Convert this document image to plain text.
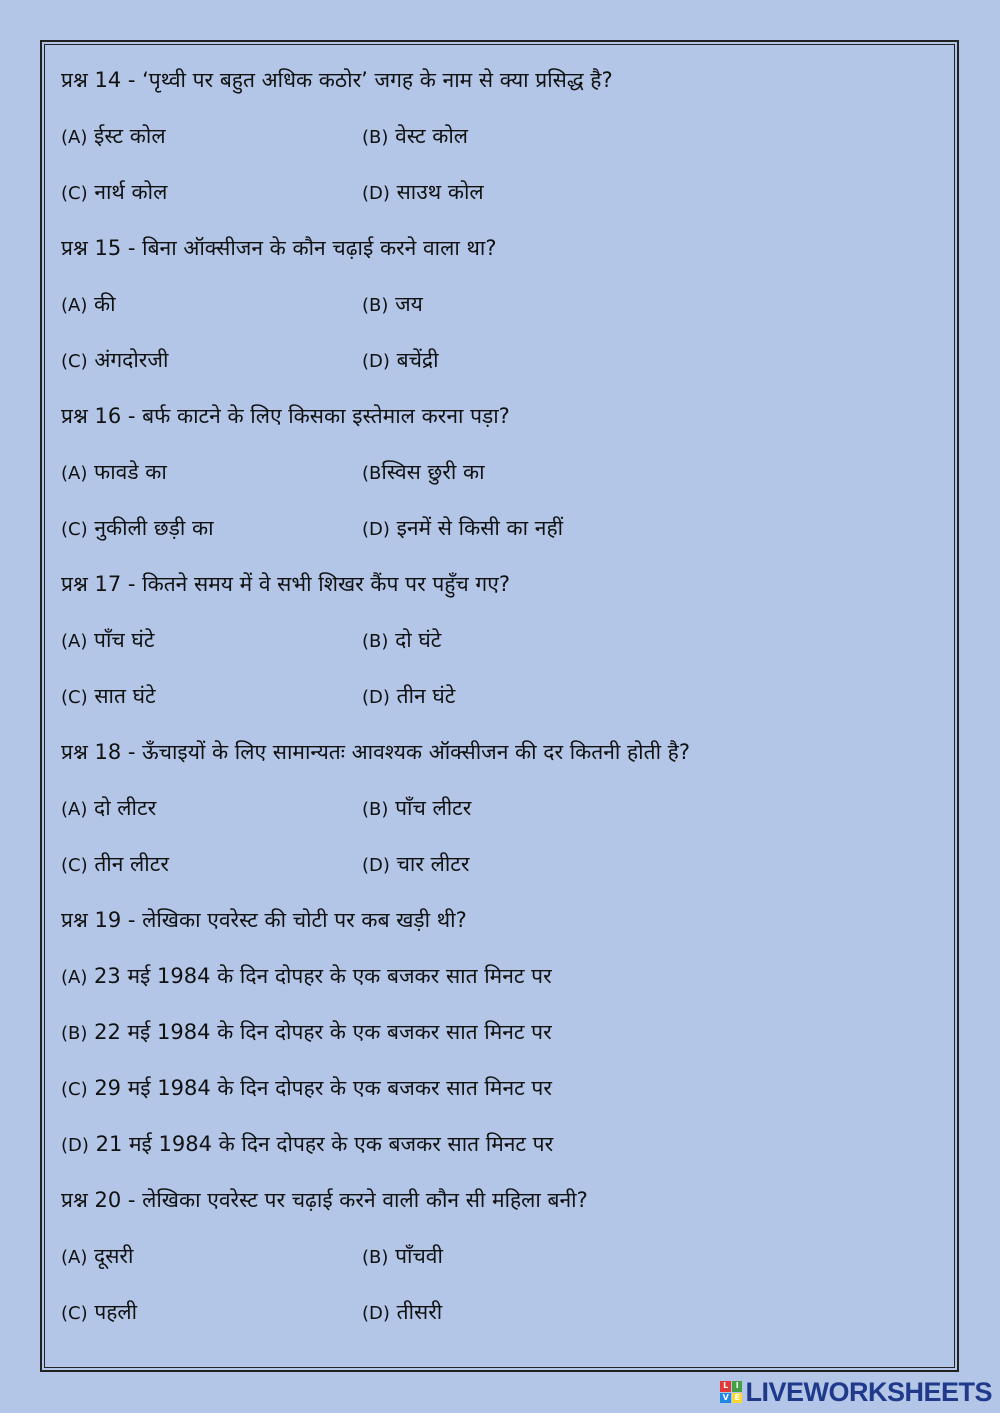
प्रश्न 14 - ‘पृथ्वी पर बहुत अधिक कठोर’ जगह के नाम से क्या प्रसिद्ध है?
(A) ईस्ट कोल	(B) वेस्ट कोल
(C) नार्थ कोल	(D) साउथ कोल
प्रश्न 15 - बिना ऑक्सीजन के कौन चढ़ाई करने वाला था?
(A) की	(B) जय
(C) अंगदोरजी	(D) बचेंद्री
प्रश्न 16 - बर्फ काटने के लिए किसका इस्तेमाल करना पड़ा?
(A) फावडे का	(Bस्विस छुरी का
(C) नुकीली छड़ी का	(D) इनमें से किसी का नहीं
प्रश्न 17 - कितने समय में वे सभी शिखर कैंप पर पहुँच गए?
(A) पाँच घंटे	(B) दो घंटे
(C) सात घंटे	(D) तीन घंटे
प्रश्न 18 - ऊँचाइयों के लिए सामान्यतः आवश्यक ऑक्सीजन की दर कितनी होती है?
(A) दो लीटर	(B) पाँच लीटर
(C) तीन लीटर	(D) चार लीटर
प्रश्न 19 - लेखिका एवरेस्ट की चोटी पर कब खड़ी थी?
(A) 23 मई 1984 के दिन दोपहर के एक बजकर सात मिनट पर
(B) 22 मई 1984 के दिन दोपहर के एक बजकर सात मिनट पर
(C) 29 मई 1984 के दिन दोपहर के एक बजकर सात मिनट पर
(D) 21 मई 1984 के दिन दोपहर के एक बजकर सात मिनट पर
प्रश्न 20 - लेखिका एवरेस्ट पर चढ़ाई करने वाली कौन सी महिला बनी?
(A) दूसरी	(B) पाँचवी
(C) पहली	(D) तीसरी
L I
V E LIVEWORKSHEETS
